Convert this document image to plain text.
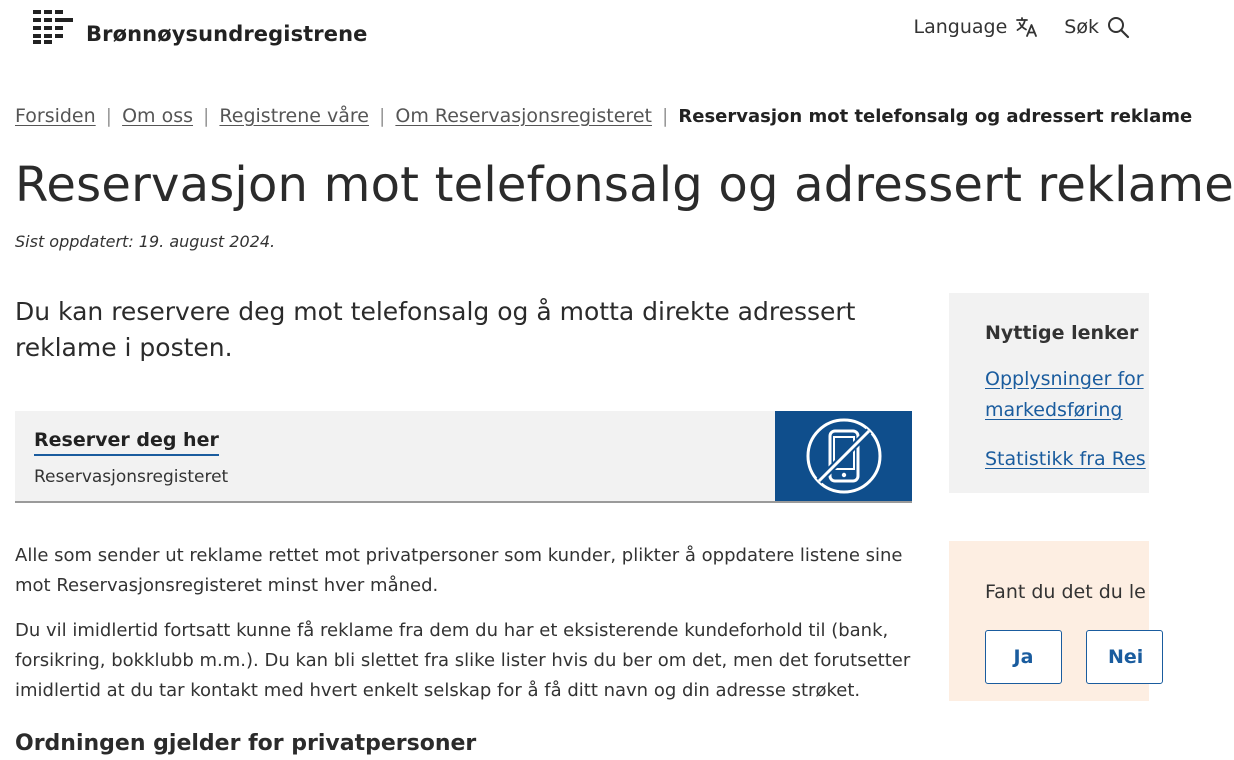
Brønnøysundregistrene	Language	Søk
Forsiden | Om oss | Registrene våre | Om Reservasjonsregisteret | Reservasjon mot telefonsalg og adressert reklame
Reservasjon mot telefonsalg og adressert reklame
Sist oppdatert: 19. august 2024.

Du kan reservere deg mot telefonsalg og å motta direkte adressert reklame i posten.

Reserver deg her
Reservasjonsregisteret

Alle som sender ut reklame rettet mot privatpersoner som kunder, plikter å oppdatere listene sine mot Reservasjonsregisteret minst hver måned.

Du vil imidlertid fortsatt kunne få reklame fra dem du har et eksisterende kundeforhold til (bank, forsikring, bokklubb m.m.). Du kan bli slettet fra slike lister hvis du ber om det, men det forutsetter imidlertid at du tar kontakt med hvert enkelt selskap for å få ditt navn og din adresse strøket.

Ordningen gjelder for privatpersoner
Nyttige lenker
Opplysninger for
markedsføring
Statistikk fra Res
Fant du det du le
Ja	Nei
